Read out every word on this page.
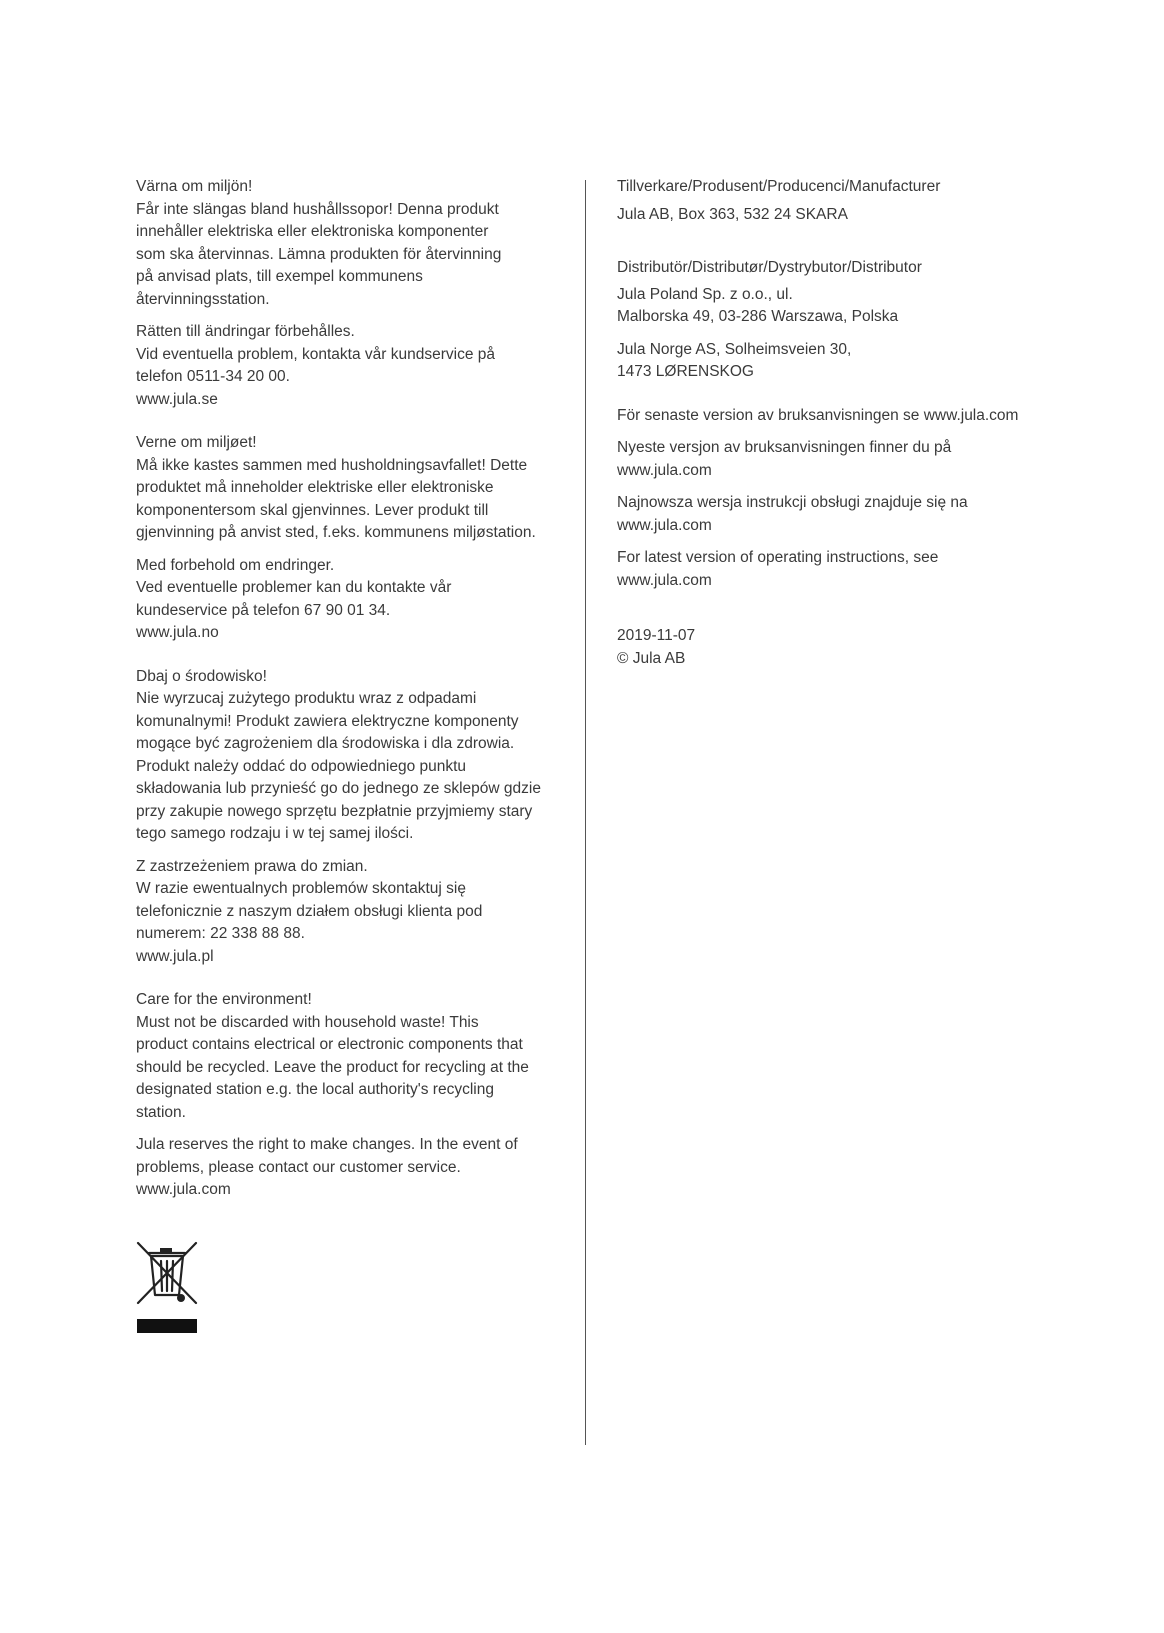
Värna om miljön!
Får inte slängas bland hushållssopor! Denna produkt
innehåller elektriska eller elektroniska komponenter
som ska återvinnas. Lämna produkten för återvinning
på anvisad plats, till exempel kommunens
återvinningsstation.
Rätten till ändringar förbehålles.
Vid eventuella problem, kontakta vår kundservice på
telefon 0511-34 20 00.
www.jula.se
Verne om miljøet!
Må ikke kastes sammen med husholdningsavfallet! Dette
produktet må inneholder elektriske eller elektroniske
komponentersom skal gjenvinnes. Lever produkt till
gjenvinning på anvist sted, f.eks. kommunens miljøstation.
Med forbehold om endringer.
Ved eventuelle problemer kan du kontakte vår
kundeservice på telefon 67 90 01 34.
www.jula.no
Dbaj o środowisko!
Nie wyrzucaj zużytego produktu wraz z odpadami
komunalnymi! Produkt zawiera elektryczne komponenty
mogące być zagrożeniem dla środowiska i dla zdrowia.
Produkt należy oddać do odpowiedniego punktu
składowania lub przynieść go do jednego ze sklepów gdzie
przy zakupie nowego sprzętu bezpłatnie przyjmiemy stary
tego samego rodzaju i w tej samej ilości.
Z zastrzeżeniem prawa do zmian.
W razie ewentualnych problemów skontaktuj się
telefonicznie z naszym działem obsługi klienta pod
numerem: 22 338 88 88.
www.jula.pl
Care for the environment!
Must not be discarded with household waste! This
product contains electrical or electronic components that
should be recycled. Leave the product for recycling at the
designated station e.g. the local authority's recycling
station.
Jula reserves the right to make changes. In the event of
problems, please contact our customer service.
www.jula.com
Tillverkare/Produsent/Producenci/Manufacturer
Jula AB, Box 363, 532 24 SKARA
Distributör/Distributør/Dystrybutor/Distributor
Jula Poland Sp. z o.o., ul.
Malborska 49, 03-286 Warszawa, Polska
Jula Norge AS, Solheimsveien 30,
1473 LØRENSKOG
För senaste version av bruksanvisningen se www.jula.com
Nyeste versjon av bruksanvisningen finner du på
www.jula.com
Najnowsza wersja instrukcji obsługi znajduje się na
www.jula.com
For latest version of operating instructions, see
www.jula.com
2019-11-07
© Jula AB
